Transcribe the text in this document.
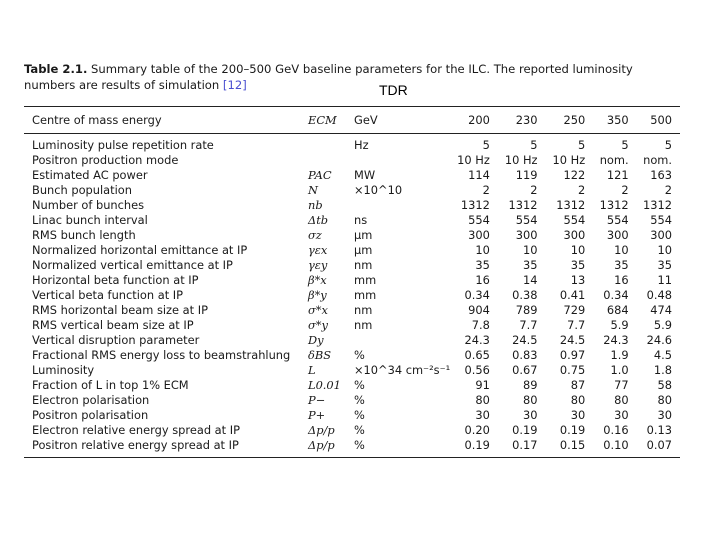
Table 2.1. Summary table of the 200–500 GeV baseline parameters for the ILC. The reported luminosity numbers are results of simulation [12]	TDR
Centre of mass energy	ECM	GeV	200	230	250	350	500
Luminosity pulse repetition rate		Hz	5	5	5	5	5
Positron production mode			10 Hz	10 Hz	10 Hz	nom.	nom.
Estimated AC power	PAC	MW	114	119	122	121	163
Bunch population	N	×10^10	2	2	2	2	2
Number of bunches	nb		1312	1312	1312	1312	1312
Linac bunch interval	Δtb	ns	554	554	554	554	554
RMS bunch length	σz	μm	300	300	300	300	300
Normalized horizontal emittance at IP	γεx	μm	10	10	10	10	10
Normalized vertical emittance at IP	γεy	nm	35	35	35	35	35
Horizontal beta function at IP	β*x	mm	16	14	13	16	11
Vertical beta function at IP	β*y	mm	0.34	0.38	0.41	0.34	0.48
RMS horizontal beam size at IP	σ*x	nm	904	789	729	684	474
RMS vertical beam size at IP	σ*y	nm	7.8	7.7	7.7	5.9	5.9
Vertical disruption parameter	Dy		24.3	24.5	24.5	24.3	24.6
Fractional RMS energy loss to beamstrahlung	δBS	%	0.65	0.83	0.97	1.9	4.5
Luminosity	L	×10^34 cm⁻²s⁻¹	0.56	0.67	0.75	1.0	1.8
Fraction of L in top 1% ECM	L0.01	%	91	89	87	77	58
Electron polarisation	P−	%	80	80	80	80	80
Positron polarisation	P+	%	30	30	30	30	30
Electron relative energy spread at IP	Δp/p	%	0.20	0.19	0.19	0.16	0.13
Positron relative energy spread at IP	Δp/p	%	0.19	0.17	0.15	0.10	0.07
